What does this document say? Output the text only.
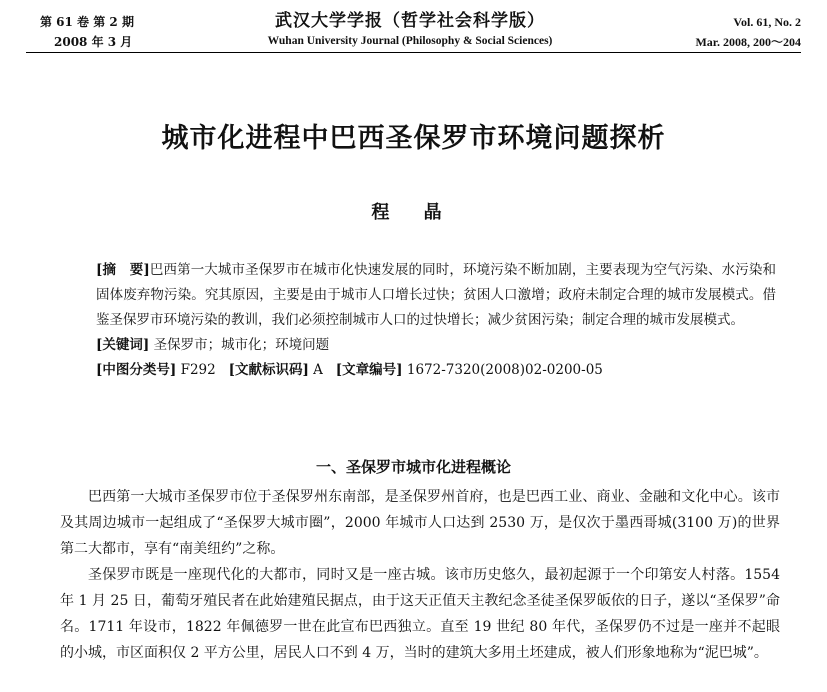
第 61 卷 第 2 期
2008 年 3 月
武汉大学学报（哲学社会科学版）
Wuhan University Journal (Philosophy & Social Sciences)
Vol. 61, No. 2
Mar. 2008, 200～204
城市化进程中巴西圣保罗市环境问题探析
程 晶

[摘　要]巴西第一大城市圣保罗市在城市化快速发展的同时，环境污染不断加剧，主要表现为空气污染、水污染和固体废弃物污染。究其原因，主要是由于城市人口增长过快；贫困人口激增；政府未制定合理的城市发展模式。借鉴圣保罗市环境污染的教训，我们必须控制城市人口的过快增长；减少贫困污染；制定合理的城市发展模式。

[关键词] 圣保罗市；城市化；环境问题
[中图分类号] F292 [文献标识码] A [文章编号] 1672-7320(2008)02-0200-05
一、圣保罗市城市化进程概论

巴西第一大城市圣保罗市位于圣保罗州东南部，是圣保罗州首府，也是巴西工业、商业、金融和文化中心。该市及其周边城市一起组成了“圣保罗大城市圈”，2000 年城市人口达到 2530 万，是仅次于墨西哥城(3100 万)的世界第二大都市，享有“南美纽约”之称。

圣保罗市既是一座现代化的大都市，同时又是一座古城。该市历史悠久，最初起源于一个印第安人村落。1554 年 1 月 25 日，葡萄牙殖民者在此始建殖民据点，由于这天正值天主教纪念圣徒圣保罗皈依的日子，遂以“圣保罗”命名。1711 年设市，1822 年佩德罗一世在此宣布巴西独立。直至 19 世纪 80 年代，圣保罗仍不过是一座并不起眼的小城，市区面积仅 2 平方公里，居民人口不到 4 万，当时的建筑大多用土坯建成，被人们形象地称为“泥巴城”。
